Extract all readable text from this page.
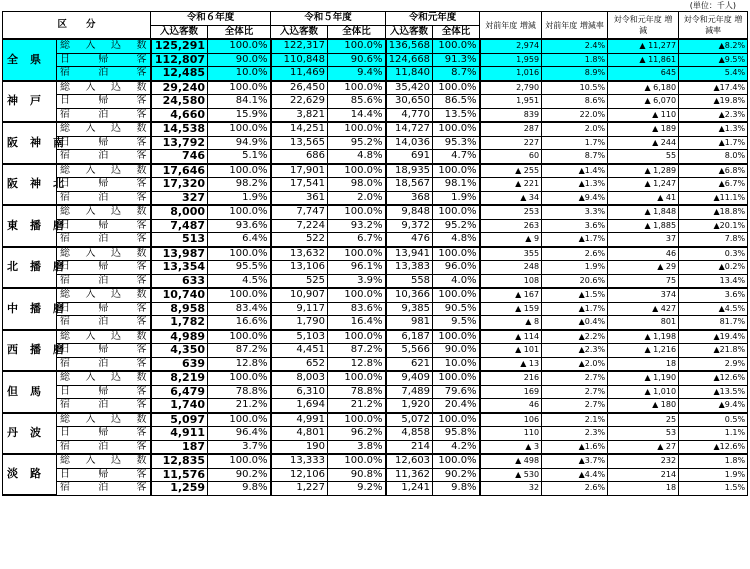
(単位：千人)
区　　分		令和６年度		令和５年度		令和元年度		対前年度 増減	対前年度 増減率	対令和元年度 増減	対令和元年度 増減率
		入込客数	全体比	入込客数	全体比	入込客数	全体比				
全県	総入込数	125,291	100.0%	122,317	100.0%	136,568	100.0%	2,974	2.4%	▲ 11,277	▲8.2%
	日帰客	112,807	90.0%	110,848	90.6%	124,668	91.3%	1,959	1.8%	▲ 11,861	▲9.5%
	宿泊客	12,485	10.0%	11,469	9.4%	11,840	8.7%	1,016	8.9%	645	5.4%
神戸	総入込数	29,240	100.0%	26,450	100.0%	35,420	100.0%	2,790	10.5%	▲ 6,180	▲17.4%
	日帰客	24,580	84.1%	22,629	85.6%	30,650	86.5%	1,951	8.6%	▲ 6,070	▲19.8%
	宿泊客	4,660	15.9%	3,821	14.4%	4,770	13.5%	839	22.0%	▲ 110	▲2.3%
阪神南	総入込数	14,538	100.0%	14,251	100.0%	14,727	100.0%	287	2.0%	▲ 189	▲1.3%
	日帰客	13,792	94.9%	13,565	95.2%	14,036	95.3%	227	1.7%	▲ 244	▲1.7%
	宿泊客	746	5.1%	686	4.8%	691	4.7%	60	8.7%	55	8.0%
阪神北	総入込数	17,646	100.0%	17,901	100.0%	18,935	100.0%	▲ 255	▲1.4%	▲ 1,289	▲6.8%
	日帰客	17,320	98.2%	17,541	98.0%	18,567	98.1%	▲ 221	▲1.3%	▲ 1,247	▲6.7%
	宿泊客	327	1.9%	361	2.0%	368	1.9%	▲ 34	▲9.4%	▲ 41	▲11.1%
東播磨	総入込数	8,000	100.0%	7,747	100.0%	9,848	100.0%	253	3.3%	▲ 1,848	▲18.8%
	日帰客	7,487	93.6%	7,224	93.2%	9,372	95.2%	263	3.6%	▲ 1,885	▲20.1%
	宿泊客	513	6.4%	522	6.7%	476	4.8%	▲ 9	▲1.7%	37	7.8%
北播磨	総入込数	13,987	100.0%	13,632	100.0%	13,941	100.0%	355	2.6%	46	0.3%
	日帰客	13,354	95.5%	13,106	96.1%	13,383	96.0%	248	1.9%	▲ 29	▲0.2%
	宿泊客	633	4.5%	525	3.9%	558	4.0%	108	20.6%	75	13.4%
中播磨	総入込数	10,740	100.0%	10,907	100.0%	10,366	100.0%	▲ 167	▲1.5%	374	3.6%
	日帰客	8,958	83.4%	9,117	83.6%	9,385	90.5%	▲ 159	▲1.7%	▲ 427	▲4.5%
	宿泊客	1,782	16.6%	1,790	16.4%	981	9.5%	▲ 8	▲0.4%	801	81.7%
西播磨	総入込数	4,989	100.0%	5,103	100.0%	6,187	100.0%	▲ 114	▲2.2%	▲ 1,198	▲19.4%
	日帰客	4,350	87.2%	4,451	87.2%	5,566	90.0%	▲ 101	▲2.3%	▲ 1,216	▲21.8%
	宿泊客	639	12.8%	652	12.8%	621	10.0%	▲ 13	▲2.0%	18	2.9%
但馬	総入込数	8,219	100.0%	8,003	100.0%	9,409	100.0%	216	2.7%	▲ 1,190	▲12.6%
	日帰客	6,479	78.8%	6,310	78.8%	7,489	79.6%	169	2.7%	▲ 1,010	▲13.5%
	宿泊客	1,740	21.2%	1,694	21.2%	1,920	20.4%	46	2.7%	▲ 180	▲9.4%
丹波	総入込数	5,097	100.0%	4,991	100.0%	5,072	100.0%	106	2.1%	25	0.5%
	日帰客	4,911	96.4%	4,801	96.2%	4,858	95.8%	110	2.3%	53	1.1%
	宿泊客	187	3.7%	190	3.8%	214	4.2%	▲ 3	▲1.6%	▲ 27	▲12.6%
淡路	総入込数	12,835	100.0%	13,333	100.0%	12,603	100.0%	▲ 498	▲3.7%	232	1.8%
	日帰客	11,576	90.2%	12,106	90.8%	11,362	90.2%	▲ 530	▲4.4%	214	1.9%
	宿泊客	1,259	9.8%	1,227	9.2%	1,241	9.8%	32	2.6%	18	1.5%
